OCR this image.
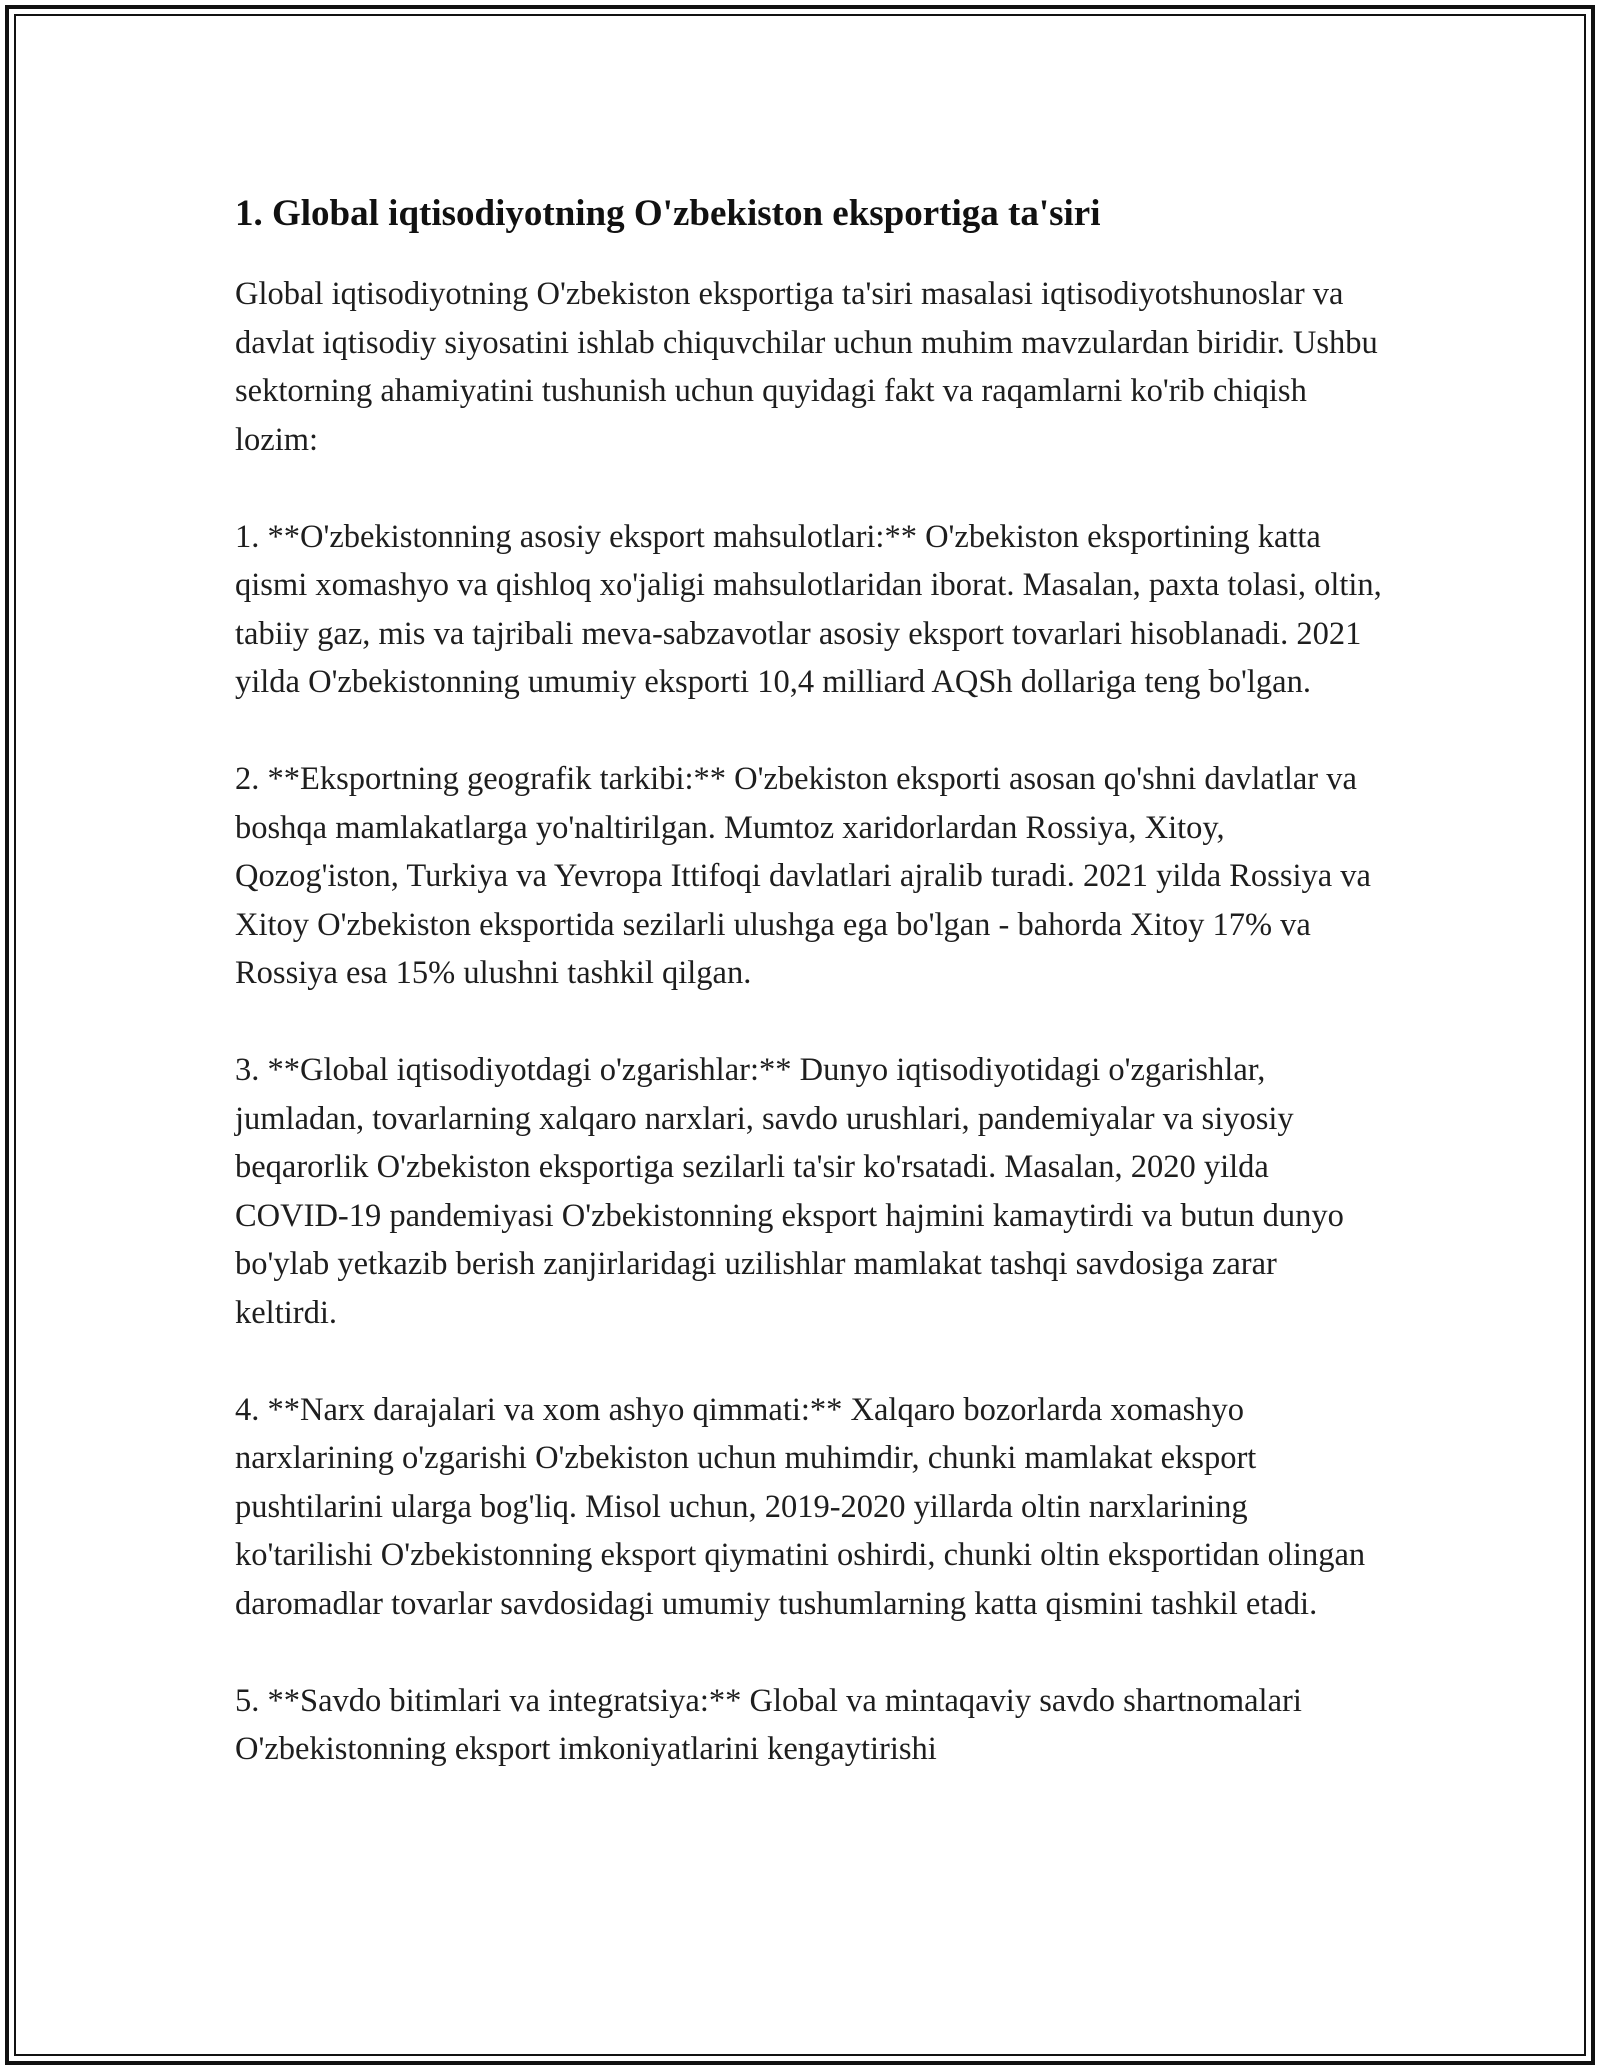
1. Global iqtisodiyotning O'zbekiston eksportiga ta'siri

Global iqtisodiyotning O'zbekiston eksportiga ta'siri masalasi iqtisodiyotshunoslar va davlat iqtisodiy siyosatini ishlab chiquvchilar uchun muhim mavzulardan biridir. Ushbu sektorning ahamiyatini tushunish uchun quyidagi fakt va raqamlarni ko'rib chiqish lozim:

1. **O'zbekistonning asosiy eksport mahsulotlari:** O'zbekiston eksportining katta qismi xomashyo va qishloq xo'jaligi mahsulotlaridan iborat. Masalan, paxta tolasi, oltin, tabiiy gaz, mis va tajribali meva-sabzavotlar asosiy eksport tovarlari hisoblanadi. 2021 yilda O'zbekistonning umumiy eksporti 10,4 milliard AQSh dollariga teng bo'lgan.

2. **Eksportning geografik tarkibi:** O'zbekiston eksporti asosan qo'shni davlatlar va boshqa mamlakatlarga yo'naltirilgan. Mumtoz xaridorlardan Rossiya, Xitoy, Qozog'iston, Turkiya va Yevropa Ittifoqi davlatlari ajralib turadi. 2021 yilda Rossiya va Xitoy O'zbekiston eksportida sezilarli ulushga ega bo'lgan - bahorda Xitoy 17% va Rossiya esa 15% ulushni tashkil qilgan.

3. **Global iqtisodiyotdagi o'zgarishlar:** Dunyo iqtisodiyotidagi o'zgarishlar, jumladan, tovarlarning xalqaro narxlari, savdo urushlari, pandemiyalar va siyosiy beqarorlik O'zbekiston eksportiga sezilarli ta'sir ko'rsatadi. Masalan, 2020 yilda COVID-19 pandemiyasi O'zbekistonning eksport hajmini kamaytirdi va butun dunyo bo'ylab yetkazib berish zanjirlaridagi uzilishlar mamlakat tashqi savdosiga zarar keltirdi.

4. **Narx darajalari va xom ashyo qimmati:** Xalqaro bozorlarda xomashyo narxlarining o'zgarishi O'zbekiston uchun muhimdir, chunki mamlakat eksport pushtilarini ularga bog'liq. Misol uchun, 2019-2020 yillarda oltin narxlarining ko'tarilishi O'zbekistonning eksport qiymatini oshirdi, chunki oltin eksportidan olingan daromadlar tovarlar savdosidagi umumiy tushumlarning katta qismini tashkil etadi.

5. **Savdo bitimlari va integratsiya:** Global va mintaqaviy savdo shartnomalari O'zbekistonning eksport imkoniyatlarini kengaytirishi
